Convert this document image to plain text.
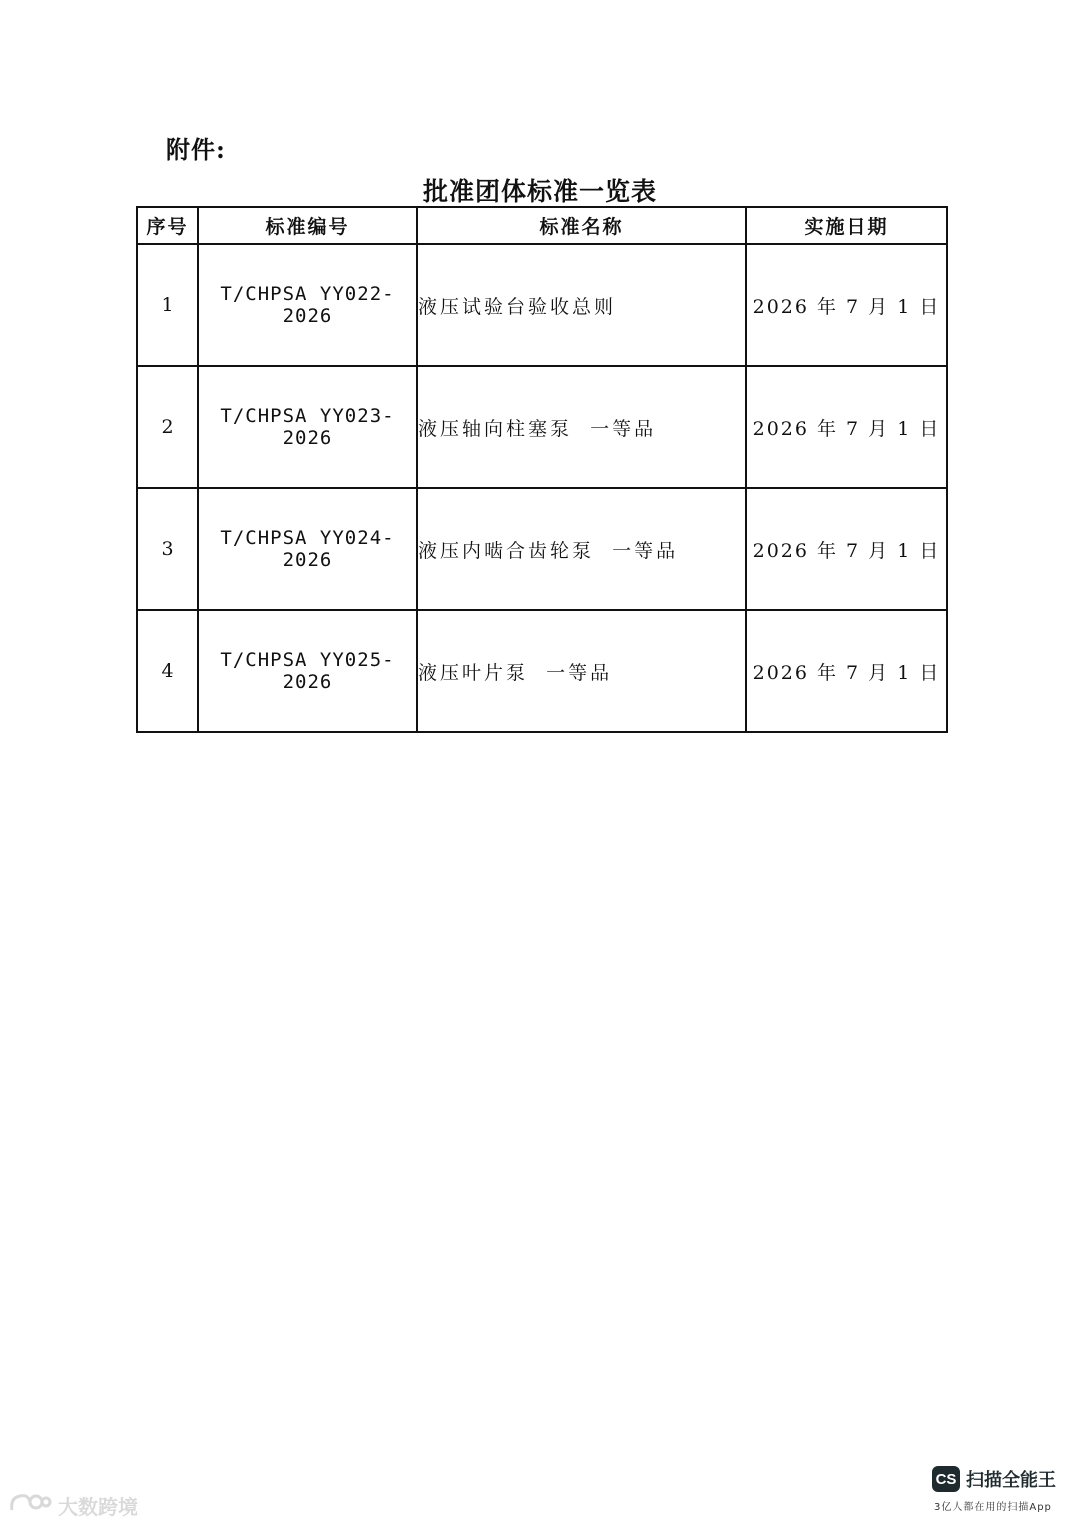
附件:
批准团体标准一览表
序号	标准编号	标准名称	实施日期
1	T/CHPSA YY022-2026	液压试验台验收总则	2026 年 7 月 1 日
2	T/CHPSA YY023-2026	液压轴向柱塞泵  一等品	2026 年 7 月 1 日
3	T/CHPSA YY024-2026	液压内啮合齿轮泵  一等品	2026 年 7 月 1 日
4	T/CHPSA YY025-2026	液压叶片泵  一等品	2026 年 7 月 1 日
大数跨境
CS 扫描全能王
3亿人都在用的扫描App
